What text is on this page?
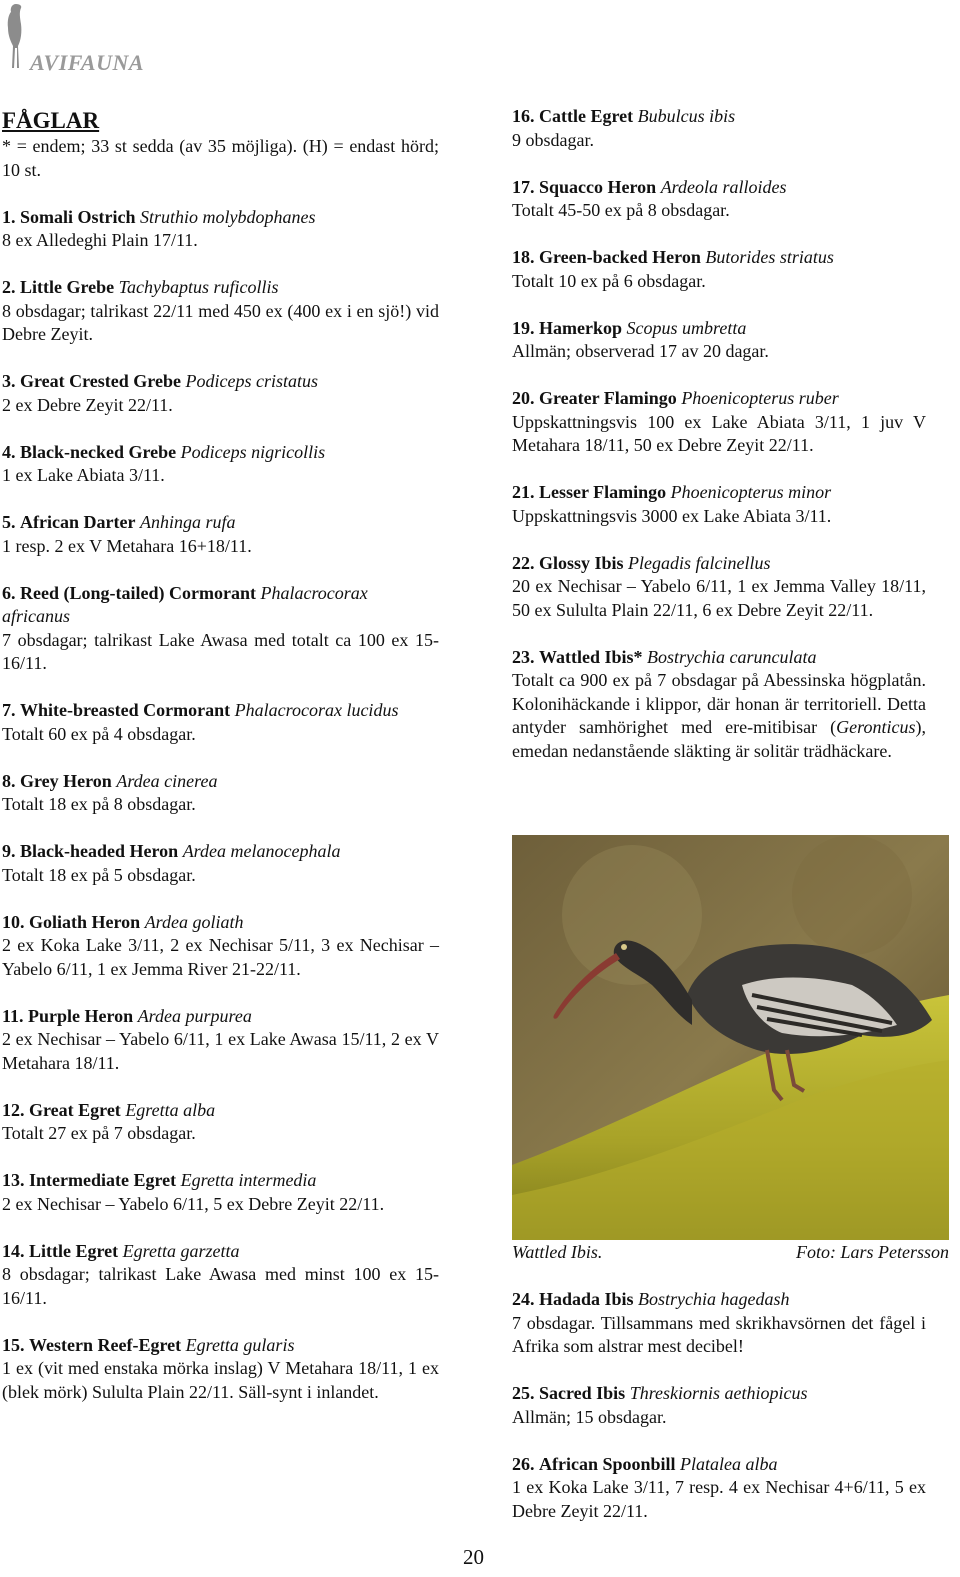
AVIFAUNA
FÅGLAR

* = endem; 33 st sedda (av 35 möjliga). (H) = endast hörd; 10 st.

1. Somali Ostrich Struthio molybdophanes

8 ex Alledeghi Plain 17/11.

2. Little Grebe Tachybaptus ruficollis

8 obsdagar; talrikast 22/11 med 450 ex (400 ex i en sjö!) vid Debre Zeyit.

3. Great Crested Grebe Podiceps cristatus

2 ex Debre Zeyit 22/11.

4. Black-necked Grebe Podiceps nigricollis

1 ex Lake Abiata 3/11.

5. African Darter Anhinga rufa

1 resp. 2 ex V Metahara 16+18/11.

6. Reed (Long-tailed) Cormorant Phalacrocorax africanus

7 obsdagar; talrikast Lake Awasa med totalt ca 100 ex 15-16/11.

7. White-breasted Cormorant Phalacrocorax lucidus

Totalt 60 ex på 4 obsdagar.

8. Grey Heron Ardea cinerea

Totalt 18 ex på 8 obsdagar.

9. Black-headed Heron Ardea melanocephala

Totalt 18 ex på 5 obsdagar.

10. Goliath Heron Ardea goliath

2 ex Koka Lake 3/11, 2 ex Nechisar 5/11, 3 ex Nechisar – Yabelo 6/11, 1 ex Jemma River 21-22/11.

11. Purple Heron Ardea purpurea

2 ex Nechisar – Yabelo 6/11, 1 ex Lake Awasa 15/11, 2 ex V Metahara 18/11.

12. Great Egret Egretta alba

Totalt 27 ex på 7 obsdagar.

13. Intermediate Egret Egretta intermedia

2 ex Nechisar – Yabelo 6/11, 5 ex Debre Zeyit 22/11.

14. Little Egret Egretta garzetta

8 obsdagar; talrikast Lake Awasa med minst 100 ex 15-16/11.

15. Western Reef-Egret Egretta gularis

1 ex (vit med enstaka mörka inslag) V Metahara 18/11, 1 ex (blek mörk) Sululta Plain 22/11. Säll-synt i inlandet.

16. Cattle Egret Bubulcus ibis

9 obsdagar.

17. Squacco Heron Ardeola ralloides

Totalt 45-50 ex på 8 obsdagar.

18. Green-backed Heron Butorides striatus

Totalt 10 ex på 6 obsdagar.

19. Hamerkop Scopus umbretta

Allmän; observerad 17 av 20 dagar.

20. Greater Flamingo Phoenicopterus ruber

Uppskattningsvis 100 ex Lake Abiata 3/11, 1 juv V Metahara 18/11, 50 ex Debre Zeyit 22/11.

21. Lesser Flamingo Phoenicopterus minor

Uppskattningsvis 3000 ex Lake Abiata 3/11.

22. Glossy Ibis Plegadis falcinellus

20 ex Nechisar – Yabelo 6/11, 1 ex Jemma Valley 18/11, 50 ex Sululta Plain 22/11, 6 ex Debre Zeyit 22/11.

23. Wattled Ibis* Bostrychia carunculata

Totalt ca 900 ex på 7 obsdagar på Abessinska högplatån. Kolonihäckande i klippor, där honan är territoriell. Detta antyder samhörighet med ere-mitibisar (Geronticus), emedan nedanstående släkting är solitär trädhäckare.

Wattled Ibis.	Foto: Lars Petersson

24. Hadada Ibis Bostrychia hagedash

7 obsdagar. Tillsammans med skrikhavsörnen det fågel i Afrika som alstrar mest decibel!

25. Sacred Ibis Threskiornis aethiopicus

Allmän; 15 obsdagar.

26. African Spoonbill Platalea alba

1 ex Koka Lake 3/11, 7 resp. 4 ex Nechisar 4+6/11, 5 ex Debre Zeyit 22/11.

20
